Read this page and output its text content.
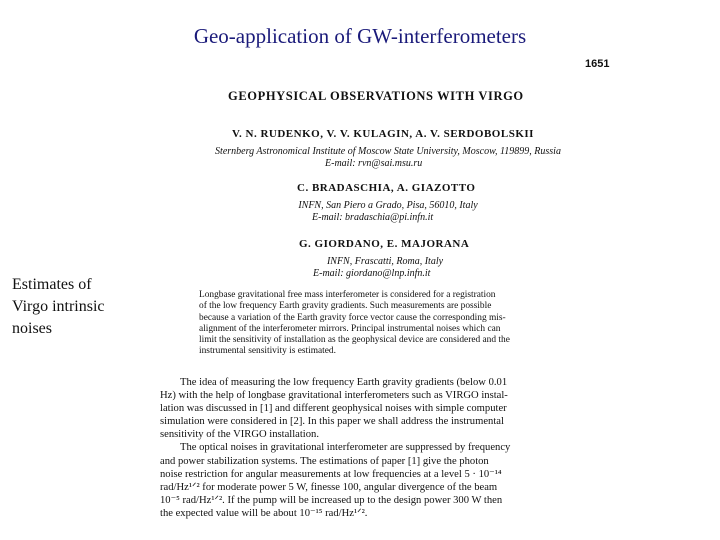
Geo-application of GW-interferometers
Estimates of
Virgo intrinsic
noises
1651
GEOPHYSICAL OBSERVATIONS WITH VIRGO
V. N. RUDENKO, V. V. KULAGIN, A. V. SERDOBOLSKII
Sternberg Astronomical Institute of Moscow State University, Moscow, 119899, Russia
E-mail: rvn@sai.msu.ru
C. BRADASCHIA, A. GIAZOTTO
INFN, San Piero a Grado, Pisa, 56010, Italy
E-mail: bradaschia@pi.infn.it
G. GIORDANO, E. MAJORANA
INFN, Frascatti, Roma, Italy
E-mail: giordano@lnp.infn.it
Longbase gravitational free mass interferometer is considered for a registration
of the low frequency Earth gravity gradients. Such measurements are possible
because a variation of the Earth gravity force vector cause the corresponding mis-
alignment of the interferometer mirrors. Principal instrumental noises which can
limit the sensitivity of installation as the geophysical device are considered and the
instrumental sensitivity is estimated.
The idea of measuring the low frequency Earth gravity gradients (below 0.01
Hz) with the help of longbase gravitational interferometers such as VIRGO instal-
lation was discussed in [1] and different geophysical noises with simple computer
simulation were considered in [2]. In this paper we shall address the instrumental
sensitivity of the VIRGO installation.
The optical noises in gravitational interferometer are suppressed by frequency
and power stabilization systems. The estimations of paper [1] give the photon
noise restriction for angular measurements at low frequencies at a level 5 · 10⁻¹⁴
rad/Hz¹ᐟ² for moderate power 5 W, finesse 100, angular divergence of the beam
10⁻⁵ rad/Hz¹ᐟ². If the pump will be increased up to the design power 300 W then
the expected value will be about 10⁻¹⁵ rad/Hz¹ᐟ².
